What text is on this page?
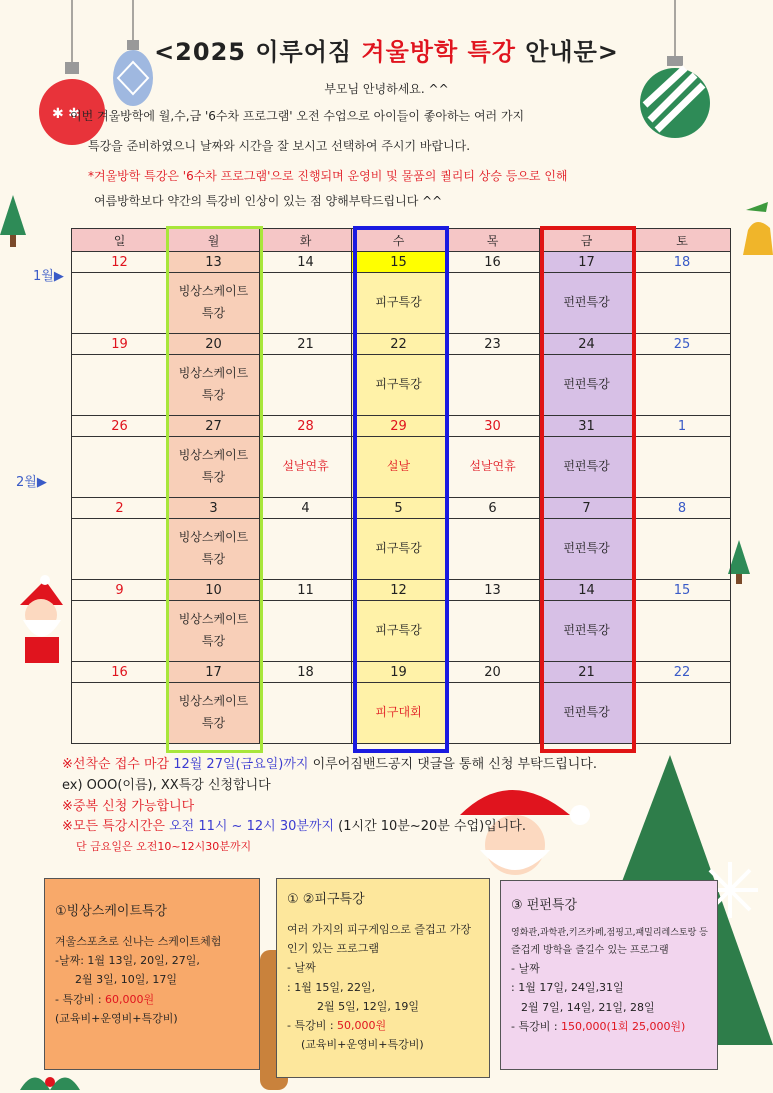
✱ ✱
<2025 이루어짐 겨울방학 특강 안내문>
부모님 안녕하세요. ^^
이번 겨울방학에 월,수,금 '6수차 프로그램' 오전 수업으로 아이들이 좋아하는 여러 가지
특강을 준비하였으니 날짜와 시간을 잘 보시고 선택하여 주시기 바랍니다.
*겨울방학 특강은 '6수차 프로그램'으로 진행되며 운영비 및 물품의 퀄리티 상승 등으로 인해
여름방학보다 약간의 특강비 인상이 있는 점 양해부탁드립니다 ^^
1월▶
2월▶
일	월	화	수	목	금	토
12	13	14	15	16	17	18
	빙상스케이트
특강		피구특강		펀펀특강	
19	20	21	22	23	24	25
	빙상스케이트
특강		피구특강		펀펀특강	
26	27	28	29	30	31	1
	빙상스케이트
특강	설날연휴	설날	설날연휴	펀펀특강	
2	3	4	5	6	7	8
	빙상스케이트
특강		피구특강		펀펀특강	
9	10	11	12	13	14	15
	빙상스케이트
특강		피구특강		펀펀특강	
16	17	18	19	20	21	22
	빙상스케이트
특강		피구대회		펀펀특강	
※선착순 접수 마감 12월 27일(금요일)까지 이루어짐밴드공지 댓글을 통해 신청 부탁드립니다.
ex) OOO(이름), XX특강 신청합니다
※중복 신청 가능합니다
※모든 특강시간은 오전 11시 ~ 12시 30분까지 (1시간 10분~20분 수업)입니다.
단 금요일은 오전10~12시30분까지
①빙상스케이트특강
겨울스포츠로 신나는 스케이트체험
-날짜: 1월 13일, 20일, 27일,
2월 3일, 10일, 17일
- 특강비 : 60,000원
(교육비+운영비+특강비)
① ②피구특강
여러 가지의 피구게임으로 즐겁고 가장
인기 있는 프로그램
- 날짜
: 1월 15일, 22일,
2월 5일, 12일, 19일
- 특강비 : 50,000원
(교육비+운영비+특강비)
③ 펀펀특강
영화관,과학관,키즈카페,점핑고,패밀리레스토랑 등
즐겁게 방학을 즐길수 있는 프로그램
- 날짜
: 1월 17일, 24일,31일
2월 7일, 14일, 21일, 28일
- 특강비 : 150,000(1회 25,000원)
